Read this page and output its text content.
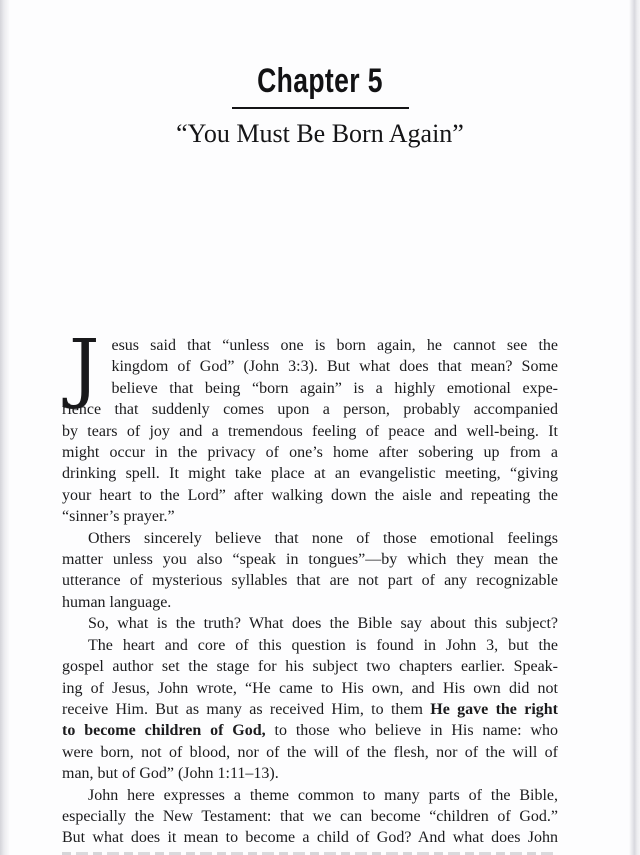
Chapter 5
“You Must Be Born Again”
J esus said that “unless one is born again, he cannot see the
kingdom of God” (John 3:3). But what does that mean? Some
believe that being “born again” is a highly emotional expe-
rience that suddenly comes upon a person, probably accompanied
by tears of joy and a tremendous feeling of peace and well-being. It
might occur in the privacy of one’s home after sobering up from a
drinking spell. It might take place at an evangelistic meeting, “giving
your heart to the Lord” after walking down the aisle and repeating the
“sinner’s prayer.”
Others sincerely believe that none of those emotional feelings
matter unless you also “speak in tongues”—by which they mean the
utterance of mysterious syllables that are not part of any recognizable
human language.
So, what is the truth? What does the Bible say about this subject?
The heart and core of this question is found in John 3, but the
gospel author set the stage for his subject two chapters earlier. Speak-
ing of Jesus, John wrote, “He came to His own, and His own did not
receive Him. But as many as received Him, to them He gave the right
to become children of God, to those who believe in His name: who
were born, not of blood, nor of the will of the flesh, nor of the will of
man, but of God” (John 1:11–13).
John here expresses a theme common to many parts of the Bible,
especially the New Testament: that we can become “children of God.”
But what does it mean to become a child of God? And what does John
